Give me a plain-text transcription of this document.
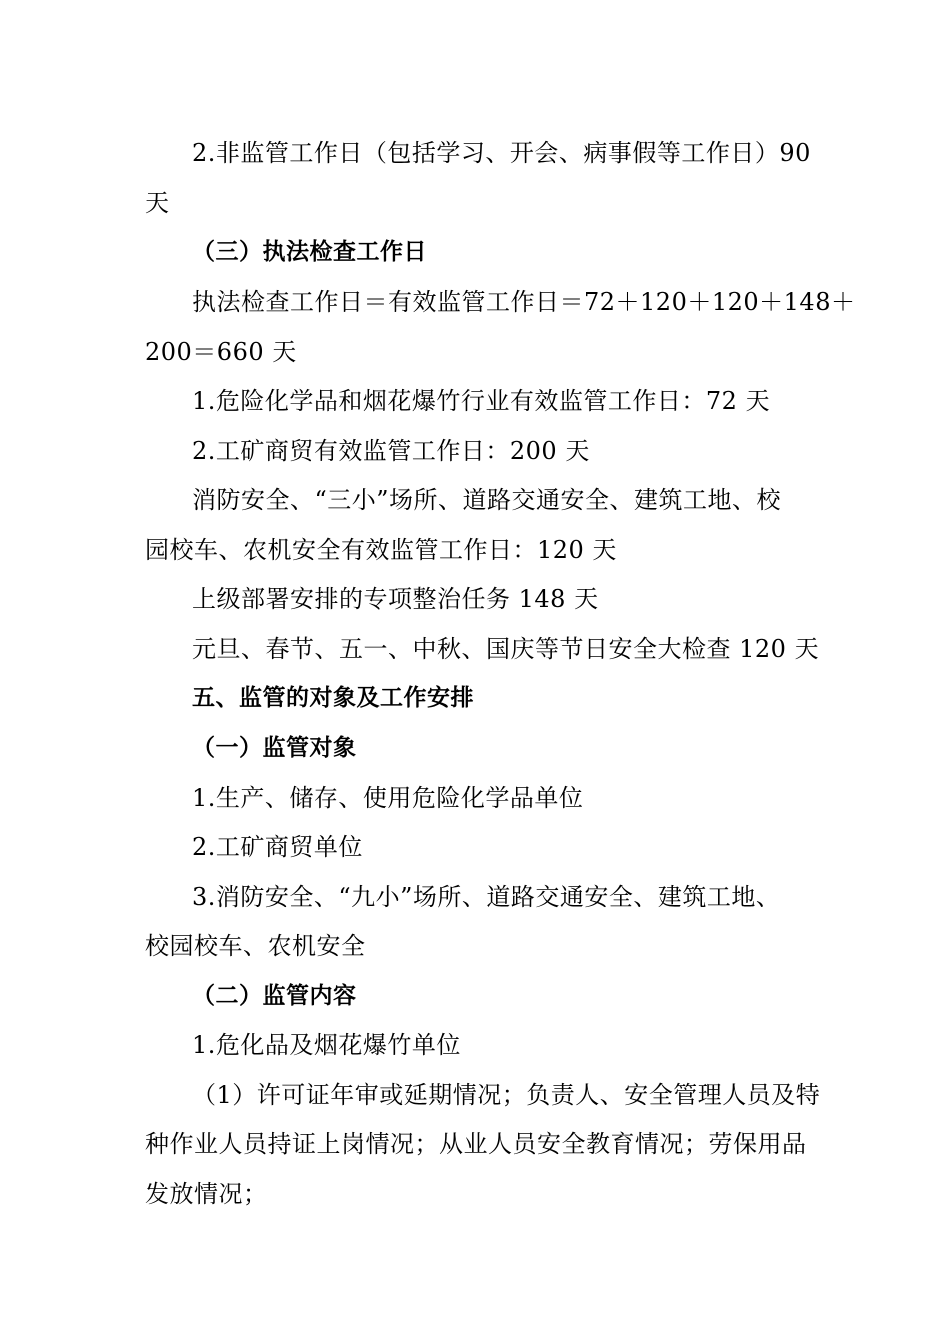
2.非监管工作日（包括学习、开会、病事假等工作日）90
天
（三）执法检查工作日
执法检查工作日＝有效监管工作日＝72＋120＋120＋148＋
200＝660 天
1.危险化学品和烟花爆竹行业有效监管工作日：72 天
2.工矿商贸有效监管工作日：200 天
消防安全、“三小”场所、道路交通安全、建筑工地、校
园校车、农机安全有效监管工作日：120 天
上级部署安排的专项整治任务 148 天
元旦、春节、五一、中秋、国庆等节日安全大检查 120 天
五、监管的对象及工作安排
（一）监管对象
1.生产、储存、使用危险化学品单位
2.工矿商贸单位
3.消防安全、“九小”场所、道路交通安全、建筑工地、
校园校车、农机安全
（二）监管内容
1.危化品及烟花爆竹单位
（1）许可证年审或延期情况；负责人、安全管理人员及特
种作业人员持证上岗情况；从业人员安全教育情况；劳保用品
发放情况；
